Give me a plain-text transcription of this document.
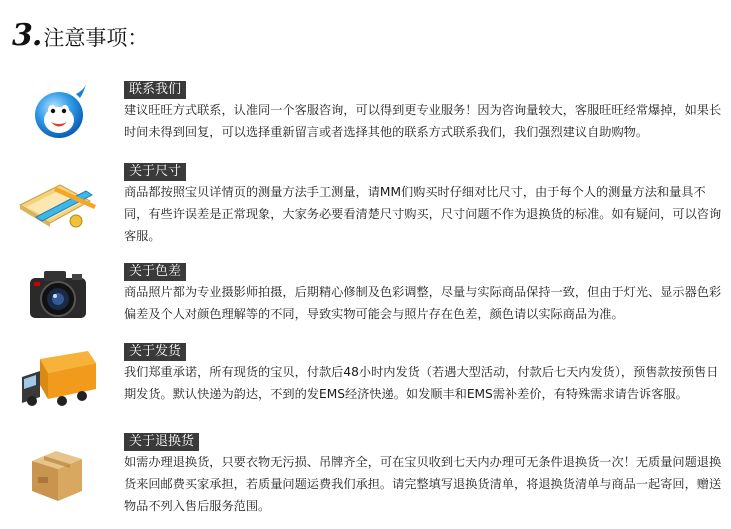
3. 注意事项：
联系我们

建议旺旺方式联系，认准同一个客服咨询，可以得到更专业服务！因为咨询量较大，客服旺旺经常爆掉，如果长时间未得到回复，可以选择重新留言或者选择其他的联系方式联系我们，我们强烈建议自助购物。

关于尺寸

商品都按照宝贝详情页的测量方法手工测量，请MM们购买时仔细对比尺寸，由于每个人的测量方法和量具不同，有些许误差是正常现象，大家务必要看清楚尺寸购买，尺寸问题不作为退换货的标准。如有疑问，可以咨询客服。

关于色差

商品照片都为专业摄影师拍摄，后期精心修制及色彩调整，尽量与实际商品保持一致，但由于灯光、显示器色彩偏差及个人对颜色理解等的不同，导致实物可能会与照片存在色差，颜色请以实际商品为准。

关于发货

我们郑重承诺，所有现货的宝贝，付款后48小时内发货（若遇大型活动，付款后七天内发货），预售款按预售日期发货。默认快递为韵达，不到的发EMS经济快递。如发顺丰和EMS需补差价，有特殊需求请告诉客服。

关于退换货

如需办理退换货，只要衣物无污损、吊牌齐全，可在宝贝收到七天内办理可无条件退换货一次！无质量问题退换货来回邮费买家承担，若质量问题运费我们承担。请完整填写退换货清单，将退换货清单与商品一起寄回，赠送物品不列入售后服务范围。
